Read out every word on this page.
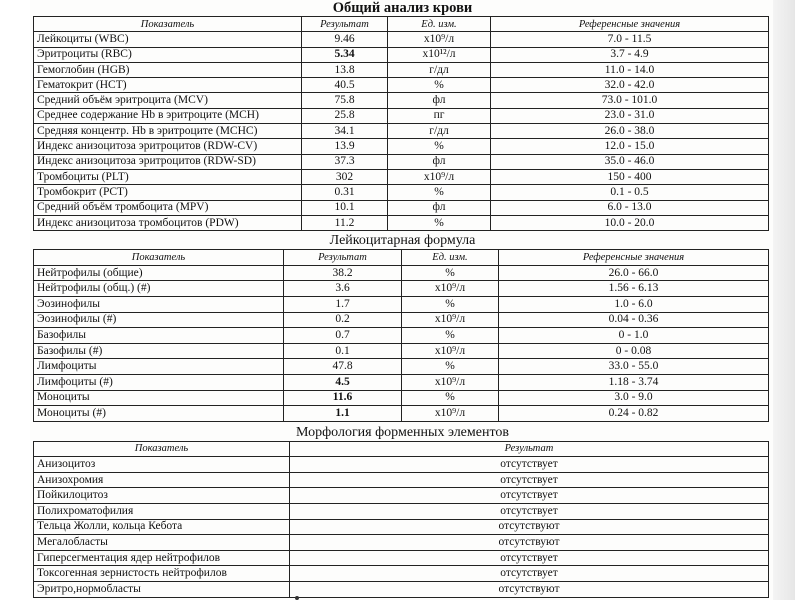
Общий анализ крови
Показатель	Результат	Ед. изм.	Референсные значения
Лейкоциты (WBC)	9.46	x10⁹/л	7.0 - 11.5
Эритроциты (RBC)	5.34	x10¹²/л	3.7 - 4.9
Гемоглобин (HGB)	13.8	г/дл	11.0 - 14.0
Гематокрит (HCT)	40.5	%	32.0 - 42.0
Средний объём эритроцита (MCV)	75.8	фл	73.0 - 101.0
Среднее содержание Hb в эритроците (MCH)	25.8	пг	23.0 - 31.0
Средняя концентр. Hb в эритроците (MCHC)	34.1	г/дл	26.0 - 38.0
Индекс анизоцитоза эритроцитов (RDW-CV)	13.9	%	12.0 - 15.0
Индекс анизоцитоза эритроцитов (RDW-SD)	37.3	фл	35.0 - 46.0
Тромбоциты (PLT)	302	x10⁹/л	150 - 400
Тромбокрит (PCT)	0.31	%	0.1 - 0.5
Средний объём тромбоцита (MPV)	10.1	фл	6.0 - 13.0
Индекс анизоцитоза тромбоцитов (PDW)	11.2	%	10.0 - 20.0
Лейкоцитарная формула
Показатель	Результат	Ед. изм.	Референсные значения
Нейтрофилы (общие)	38.2	%	26.0 - 66.0
Нейтрофилы (общ.) (#)	3.6	x10⁹/л	1.56 - 6.13
Эозинофилы	1.7	%	1.0 - 6.0
Эозинофилы (#)	0.2	x10⁹/л	0.04 - 0.36
Базофилы	0.7	%	0 - 1.0
Базофилы (#)	0.1	x10⁹/л	0 - 0.08
Лимфоциты	47.8	%	33.0 - 55.0
Лимфоциты (#)	4.5	x10⁹/л	1.18 - 3.74
Моноциты	11.6	%	3.0 - 9.0
Моноциты (#)	1.1	x10⁹/л	0.24 - 0.82
Морфология форменных элементов
Показатель	Результат
Анизоцитоз	отсутствует
Анизохромия	отсутствует
Пойкилоцитоз	отсутствует
Полихроматофилия	отсутствует
Тельца Жолли, кольца Кебота	отсутствуют
Мегалобласты	отсутствуют
Гиперсегментация ядер нейтрофилов	отсутствует
Токсогенная зернистость нейтрофилов	отсутствует
Эритро,нормобласты	отсутствуют
